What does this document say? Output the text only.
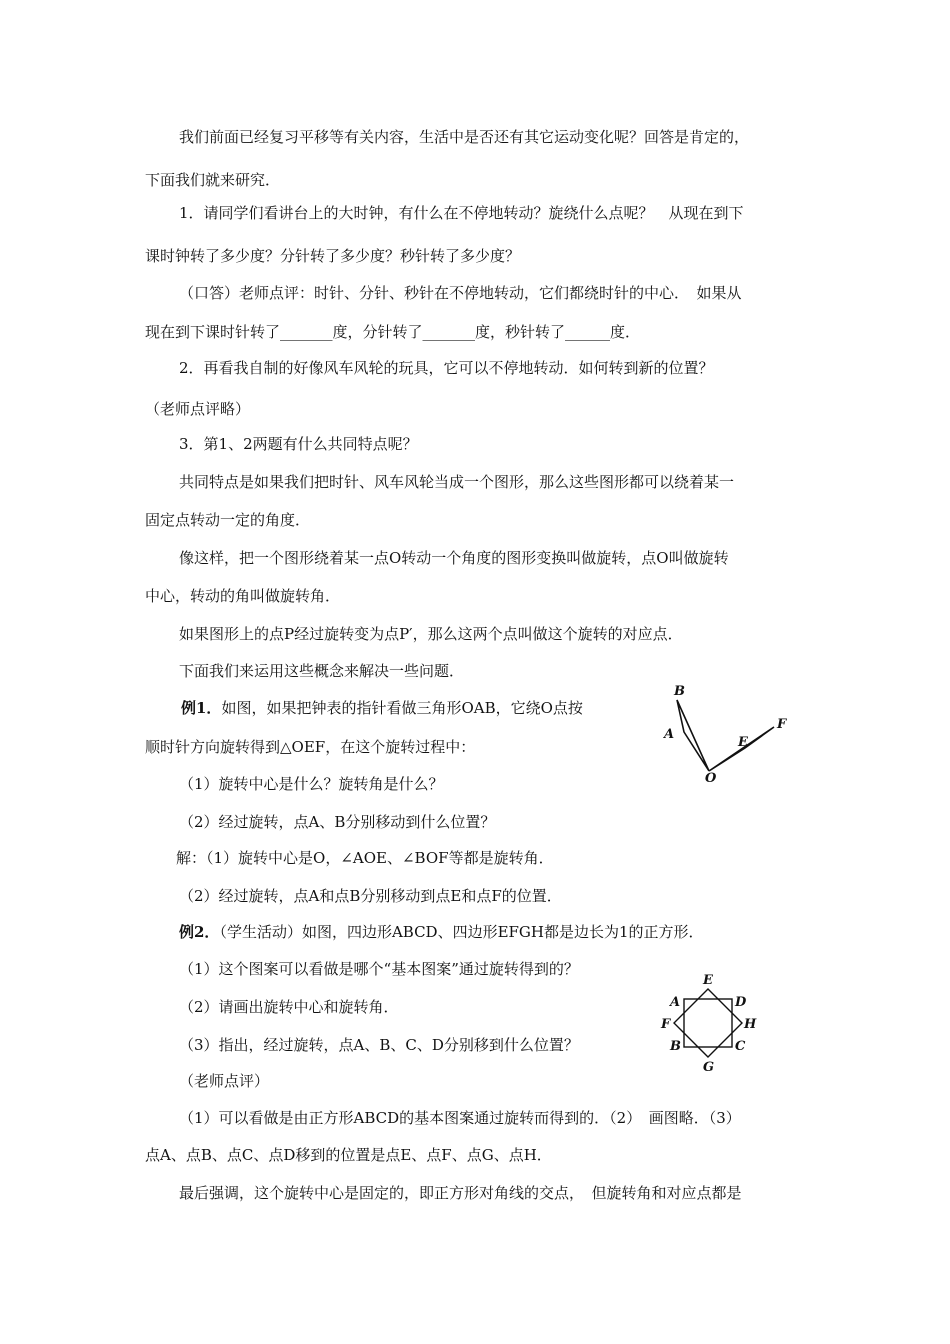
我们前面已经复习平移等有关内容，生活中是否还有其它运动变化呢？回答是肯定的，
下面我们就来研究．
1．请同学们看讲台上的大时钟，有什么在不停地转动？旋绕什么点呢？　从现在到下
课时钟转了多少度？分针转了多少度？秒针转了多少度？
（口答）老师点评：时针、分针、秒针在不停地转动，它们都绕时针的中心．　如果从
现在到下课时针转了_______度，分针转了_______度，秒针转了______度．
2．再看我自制的好像风车风轮的玩具，它可以不停地转动．如何转到新的位置？
（老师点评略）
3．第1、2两题有什么共同特点呢？
共同特点是如果我们把时针、风车风轮当成一个图形，那么这些图形都可以绕着某一
固定点转动一定的角度．
像这样，把一个图形绕着某一点O转动一个角度的图形变换叫做旋转，点O叫做旋转
中心，转动的角叫做旋转角．
如果图形上的点P经过旋转变为点P′，那么这两个点叫做这个旋转的对应点．
下面我们来运用这些概念来解决一些问题．
例1．如图，如果把钟表的指针看做三角形OAB，它绕O点按
顺时针方向旋转得到△OEF，在这个旋转过程中：
（1）旋转中心是什么？旋转角是什么？
（2）经过旋转，点A、B分别移动到什么位置？
解：（1）旋转中心是O，∠AOE、∠BOF等都是旋转角．
（2）经过旋转，点A和点B分别移动到点E和点F的位置．
例2．（学生活动）如图，四边形ABCD、四边形EFGH都是边长为1的正方形．
（1）这个图案可以看做是哪个“基本图案”通过旋转得到的？
（2）请画出旋转中心和旋转角．
（3）指出，经过旋转，点A、B、C、D分别移到什么位置？
（老师点评）
（1）可以看做是由正方形ABCD的基本图案通过旋转而得到的．（2）　画图略．（3）
点A、点B、点C、点D移到的位置是点E、点F、点G、点H．
最后强调，这个旋转中心是固定的，即正方形对角线的交点，　但旋转角和对应点都是
B
A
O
E
F
E
A	D
F	H
B	C
G
